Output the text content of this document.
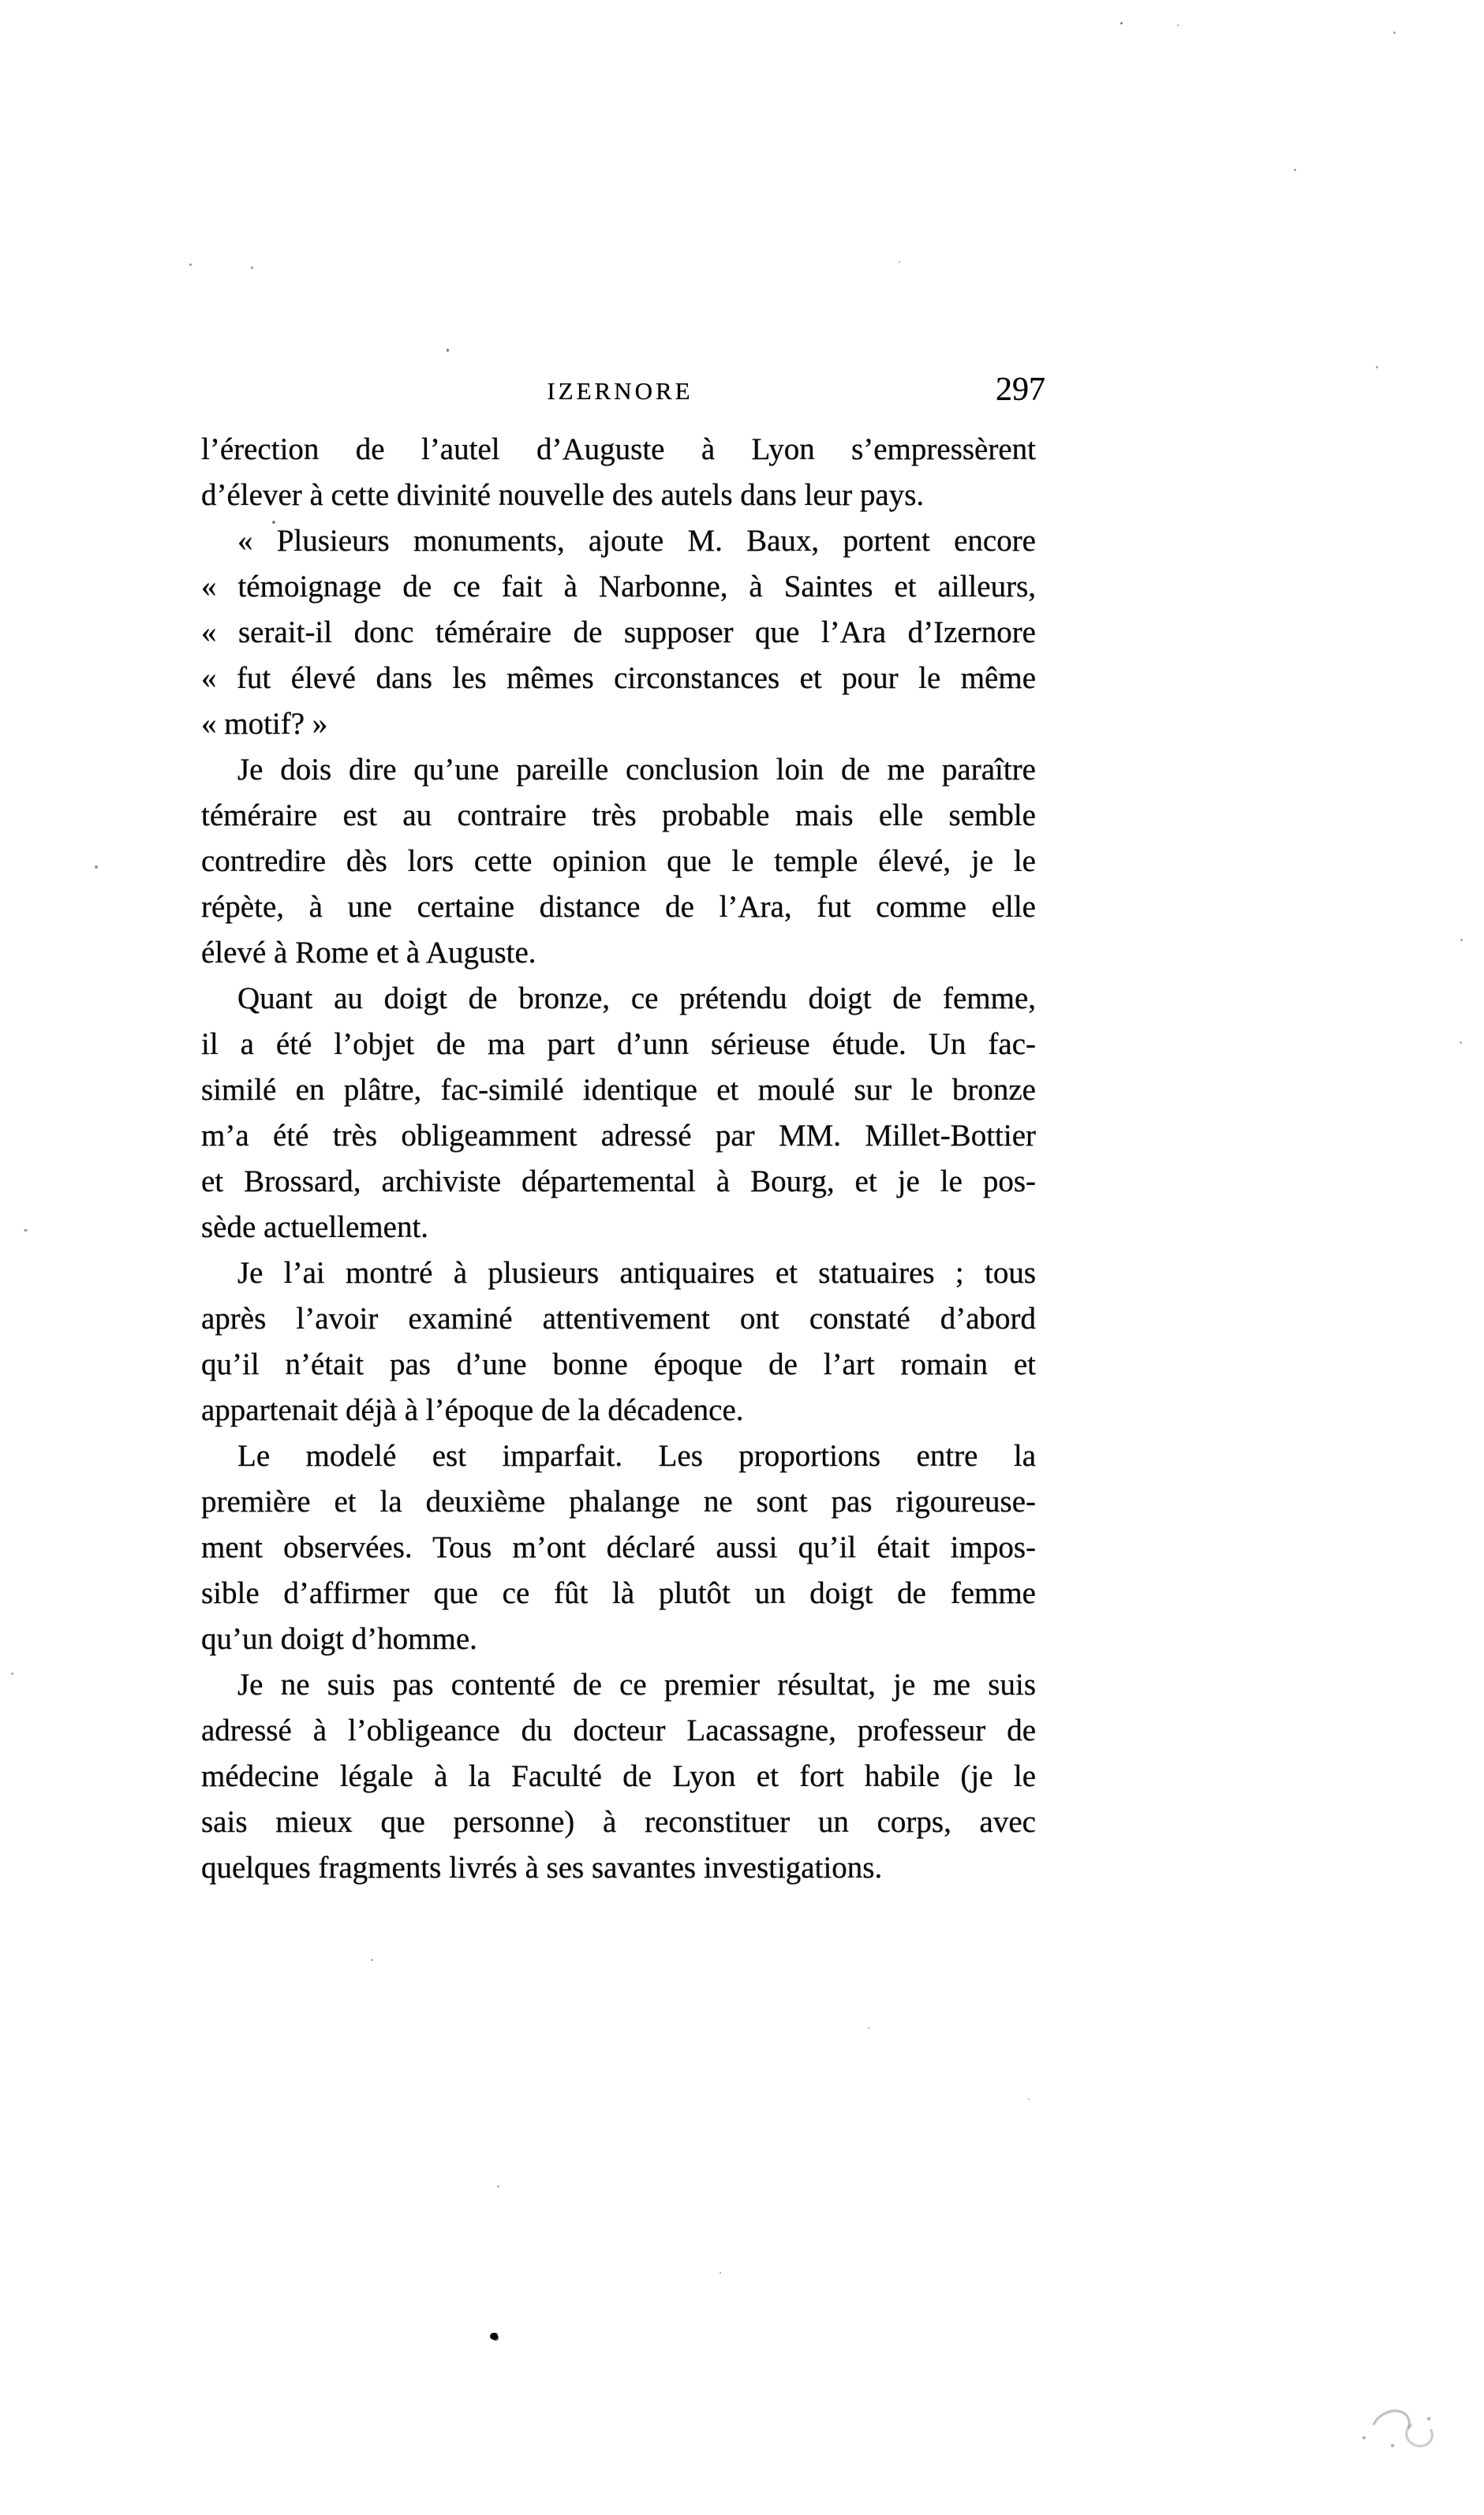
IZERNORE	297
l’érection de l’autel d’Auguste à Lyon s’empressèrent
d’élever à cette divinité nouvelle des autels dans leur pays.
« Plusieurs monuments, ajoute M. Baux, portent encore
« témoignage de ce fait à Narbonne, à Saintes et ailleurs,
« serait-il donc téméraire de supposer que l’Ara d’Izernore
« fut élevé dans les mêmes circonstances et pour le même
« motif? »
Je dois dire qu’une pareille conclusion loin de me paraître
téméraire est au contraire très probable mais elle semble
contredire dès lors cette opinion que le temple élevé, je le
répète, à une certaine distance de l’Ara, fut comme elle
élevé à Rome et à Auguste.
Quant au doigt de bronze, ce prétendu doigt de femme,
il a été l’objet de ma part d’unn sérieuse étude. Un fac-
similé en plâtre, fac-similé identique et moulé sur le bronze
m’a été très obligeamment adressé par MM. Millet-Bottier
et Brossard, archiviste départemental à Bourg, et je le pos-
sède actuellement.
Je l’ai montré à plusieurs antiquaires et statuaires ; tous
après l’avoir examiné attentivement ont constaté d’abord
qu’il n’était pas d’une bonne époque de l’art romain et
appartenait déjà à l’époque de la décadence.
Le modelé est imparfait. Les proportions entre la
première et la deuxième phalange ne sont pas rigoureuse-
ment observées. Tous m’ont déclaré aussi qu’il était impos-
sible d’affirmer que ce fût là plutôt un doigt de femme
qu’un doigt d’homme.
Je ne suis pas contenté de ce premier résultat, je me suis
adressé à l’obligeance du docteur Lacassagne, professeur de
médecine légale à la Faculté de Lyon et fort habile (je le
sais mieux que personne) à reconstituer un corps, avec
quelques fragments livrés à ses savantes investigations.
